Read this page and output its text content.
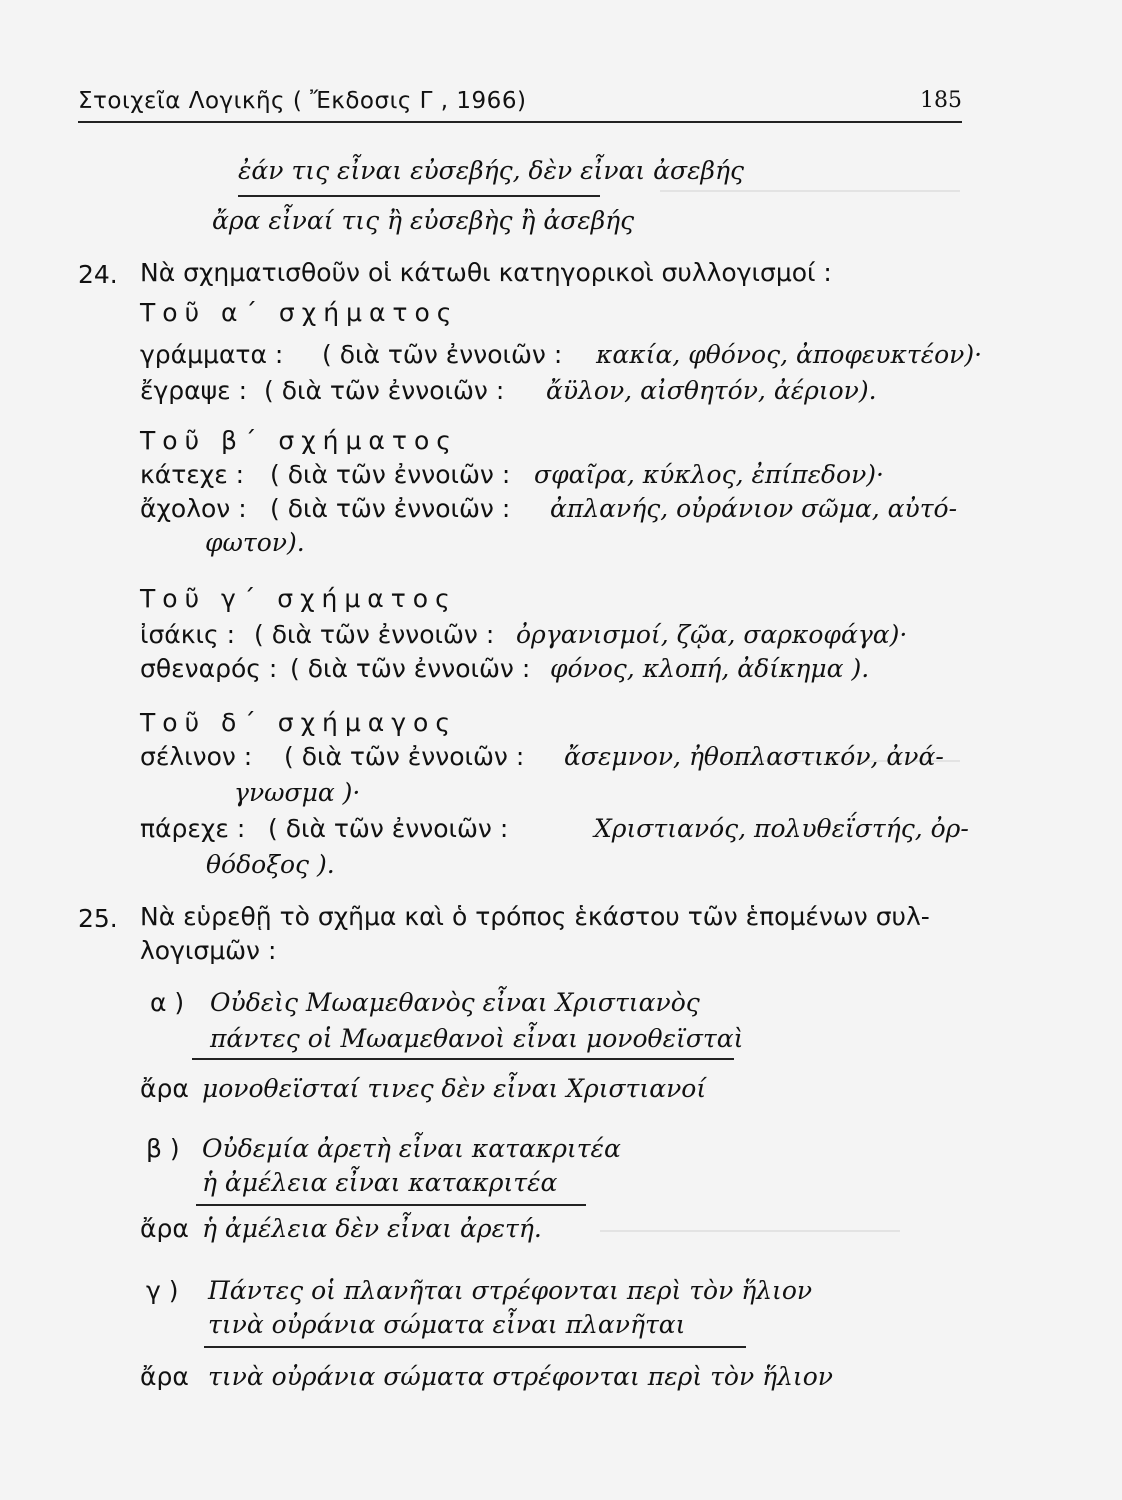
Στοιχεῖα Λογικῆς ( Ἔκδοσις Γ , 1966)	185
ἐάν τις εἶναι εὐσεβής, δὲν εἶναι ἀσεβής
ἄρα εἶναί τις ἢ εὐσεβὴς ἢ ἀσεβής
24. Νὰ σχηματισθοῦν οἱ κάτωθι κατηγορικοὶ συλλογισμοί :
Τοῦ α΄ σχήματος
γράμματα : ( διὰ τῶν ἐννοιῶν : κακία, φθόνος, ἀποφευκτέον)·
ἔγραψε : ( διὰ τῶν ἐννοιῶν : ἄϋλον, αἰσθητόν, ἀέριον).
Τοῦ β΄ σχήματος
κάτεχε : ( διὰ τῶν ἐννοιῶν : σφαῖρα, κύκλος, ἐπίπεδον)·
ἄχολον : ( διὰ τῶν ἐννοιῶν : ἀπλανής, οὐράνιον σῶμα, αὐτό-
φωτον).
Τοῦ γ΄ σχήματος
ἰσάκις : ( διὰ τῶν ἐννοιῶν : ὀργανισμοί, ζῷα, σαρκοφάγα)·
σθεναρός : ( διὰ τῶν ἐννοιῶν : φόνος, κλοπή, ἀδίκημα ).
Τοῦ δ΄ σχήμαγος
σέλινον : ( διὰ τῶν ἐννοιῶν : ἄσεμνον, ἠθοπλαστικόν, ἀνά-
γνωσμα )·
πάρεχε : ( διὰ τῶν ἐννοιῶν :	Χριστιανός, πολυθεΐστής, ὀρ-
θόδοξος ).
25. Νὰ εὑρεθῇ τὸ σχῆμα καὶ ὁ τρόπος ἑκάστου τῶν ἑπομένων συλ-
λογισμῶν :
α ) Οὐδεὶς Μωαμεθανὸς εἶναι Χριστιανὸς
πάντες οἱ Μωαμεθανοὶ εἶναι μονοθεϊσταὶ
ἄρα μονοθεϊσταί τινες δὲν εἶναι Χριστιανοί
β ) Οὐδεμία ἀρετὴ εἶναι κατακριτέα
ἡ ἀμέλεια εἶναι κατακριτέα
ἄρα ἡ ἀμέλεια δὲν εἶναι ἀρετή.
γ ) Πάντες οἱ πλανῆται στρέφονται περὶ τὸν ἥλιον
τινὰ οὐράνια σώματα εἶναι πλανῆται
ἄρα τινὰ οὐράνια σώματα στρέφονται περὶ τὸν ἥλιον
